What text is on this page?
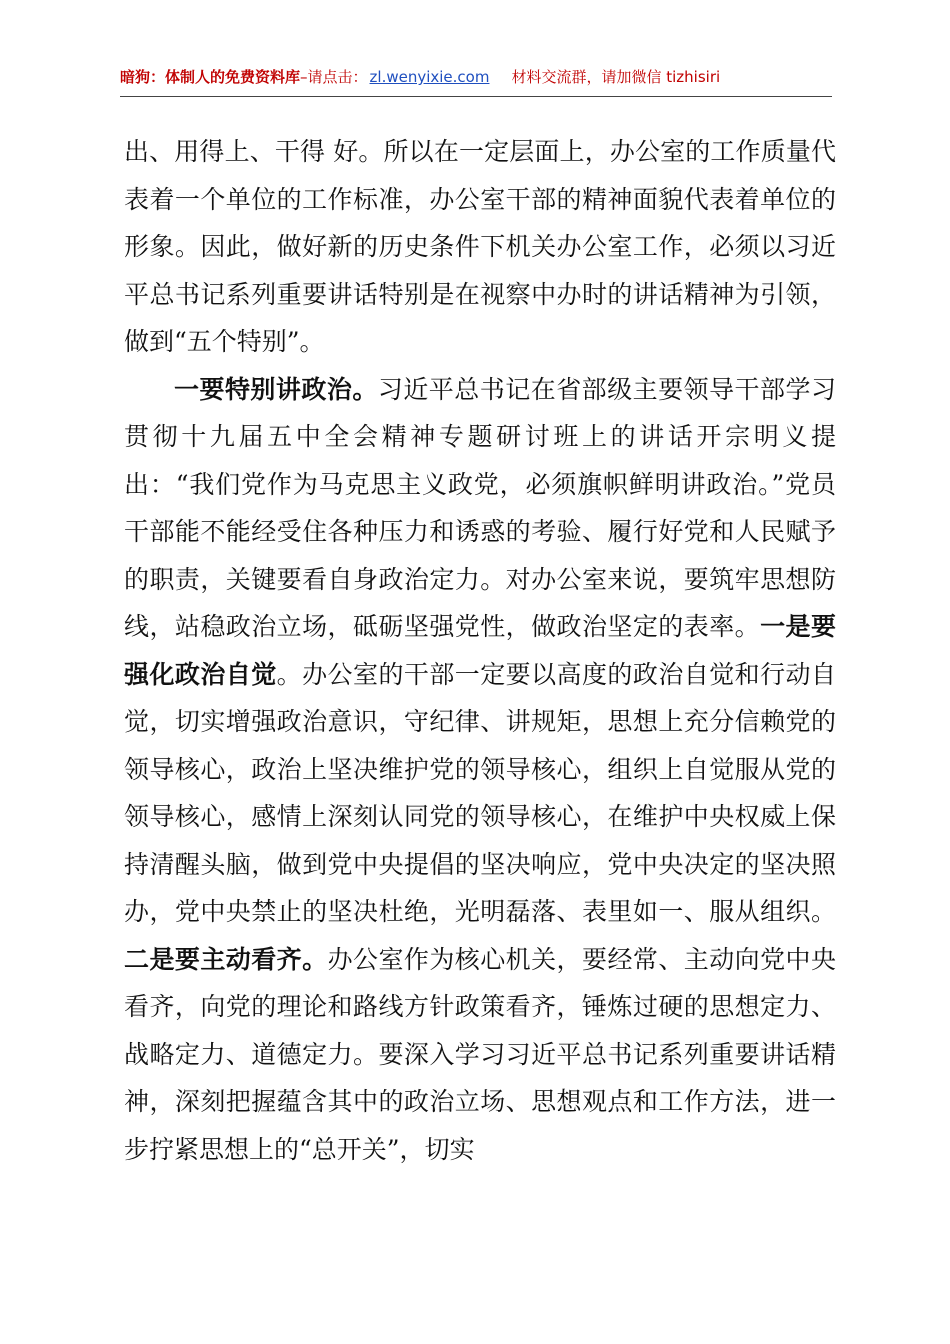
暗狗：体制人的免费资料库–请点击： zl.wenyixie.com 材料交流群，请加微信 tizhisiri

出、用得上、干得 好。所以在一定层面上，办公室的工作质量代表着一个单位的工作标准，办公室干部的精神面貌代表着单位的形象。因此，做好新的历史条件下机关办公室工作，必须以习近平总书记系列重要讲话特别是在视察中办时的讲话精神为引领，做到“五个特别”。

一要特别讲政治。习近平总书记在省部级主要领导干部学习贯彻十九届五中全会精神专题研讨班上的讲话开宗明义提出：“我们党作为马克思主义政党，必须旗帜鲜明讲政治。”党员干部能不能经受住各种压力和诱惑的考验、履行好党和人民赋予的职责，关键要看自身政治定力。对办公室来说，要筑牢思想防线，站稳政治立场，砥砺坚强党性，做政治坚定的表率。一是要强化政治自觉。办公室的干部一定要以高度的政治自觉和行动自觉，切实增强政治意识，守纪律、讲规矩，思想上充分信赖党的领导核心，政治上坚决维护党的领导核心，组织上自觉服从党的领导核心，感情上深刻认同党的领导核心，在维护中央权威上保持清醒头脑，做到党中央提倡的坚决响应，党中央决定的坚决照办，党中央禁止的坚决杜绝，光明磊落、表里如一、服从组织。二是要主动看齐。办公室作为核心机关，要经常、主动向党中央看齐，向党的理论和路线方针政策看齐，锤炼过硬的思想定力、战略定力、道德定力。要深入学习习近平总书记系列重要讲话精神，深刻把握蕴含其中的政治立场、思想观点和工作方法，进一步拧紧思想上的“总开关”，切实
